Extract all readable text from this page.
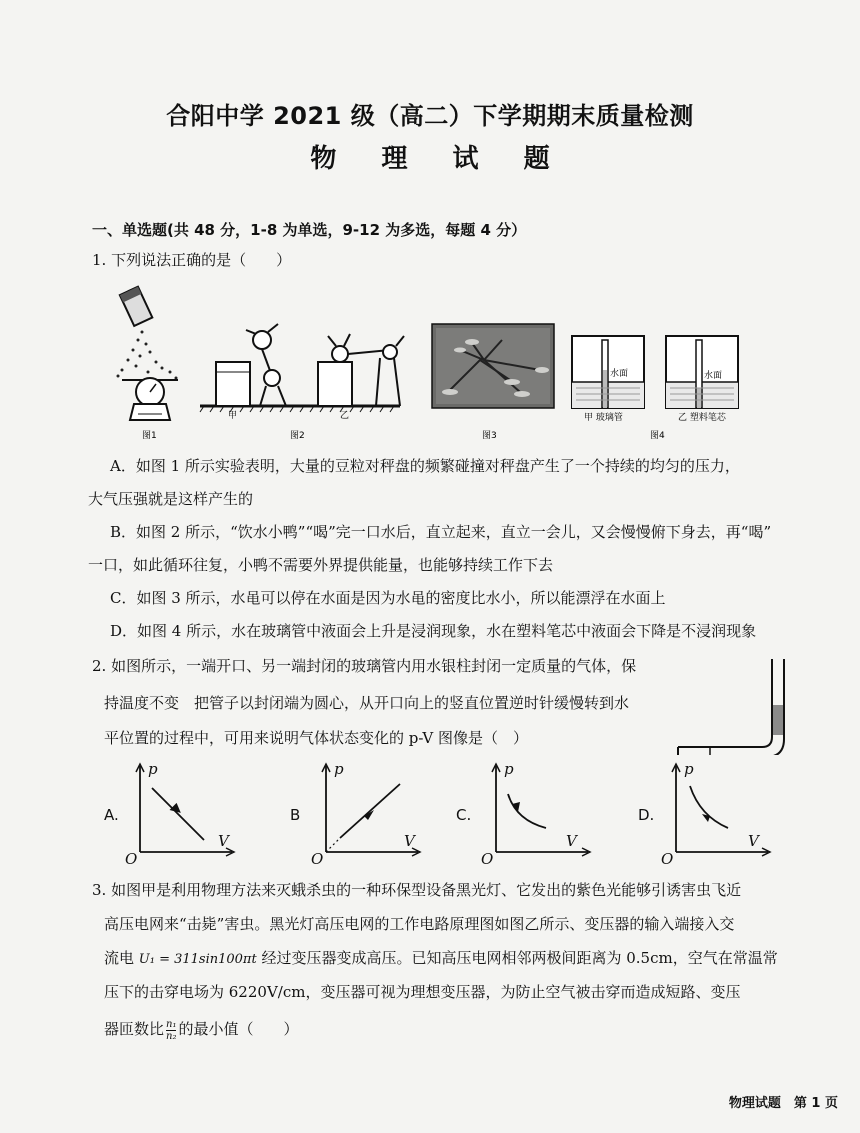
合阳中学 2021 级（高二）下学期期末质量检测
物 理 试 题
一、单选题(共 48 分，1-8 为单选，9-12 为多选，每题 4 分）
1. 下列说法正确的是（　　）
图1
甲	乙
图2	图3
水面	水面
甲 玻璃管	乙 塑料笔芯
图4
A．如图 1 所示实验表明，大量的豆粒对秤盘的频繁碰撞对秤盘产生了一个持续的均匀的压力，
大气压强就是这样产生的
B．如图 2 所示，“饮水小鸭”“喝”完一口水后，直立起来，直立一会儿，又会慢慢俯下身去，再“喝”
一口，如此循环往复，小鸭不需要外界提供能量，也能够持续工作下去
C．如图 3 所示，水黾可以停在水面是因为水黾的密度比水小，所以能漂浮在水面上
D．如图 4 所示，水在玻璃管中液面会上升是浸润现象，水在塑料笔芯中液面会下降是不浸润现象
2. 如图所示，一端开口、另一端封闭的玻璃管内用水银柱封闭一定质量的气体，保
持温度不变　把管子以封闭端为圆心，从开口向上的竖直位置逆时针缓慢转到水
平位置的过程中，可用来说明气体状态变化的 p-V 图像是（　）
A.	B	C.	D.
p
V
O
p
V
O
p
V
O
p
V
O
3. 如图甲是利用物理方法来灭蛾杀虫的一种环保型设备黑光灯、它发出的紫色光能够引诱害虫飞近
高压电网来“击毙”害虫。黑光灯高压电网的工作电路原理图如图乙所示、变压器的输入端接入交
流电 U₁ = 311sin100πt 经过变压器变成高压。已知高压电网相邻两极间距离为 0.5cm，空气在常温常
压下的击穿电场为 6220V/cm，变压器可视为理想变压器，为防止空气被击穿而造成短路、变压
器匝数比 $\frac{\text{n₁}}{\text{n₂}}$ 的最小值（　　）
物理试题　第 1 页
